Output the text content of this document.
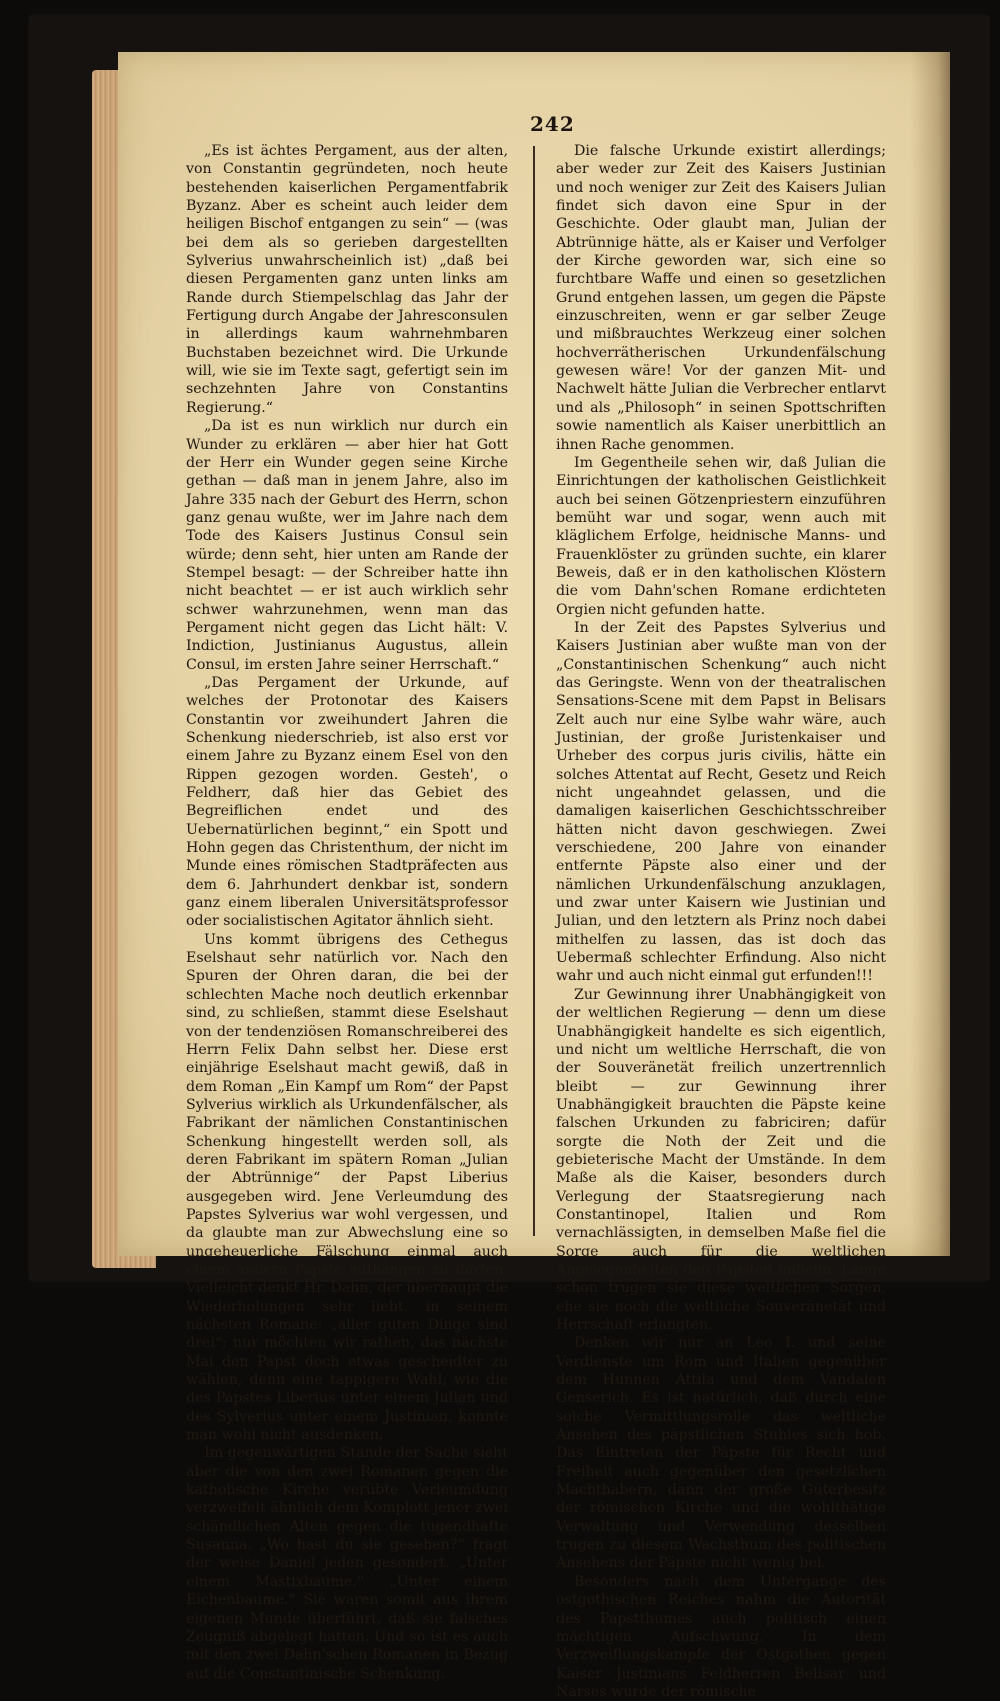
242

„Es ist ächtes Pergament, aus der alten, von Constantin gegründeten, noch heute bestehenden kaiserlichen Pergamentfabrik Byzanz. Aber es scheint auch leider dem heiligen Bischof entgangen zu sein“ — (was bei dem als so gerieben dargestellten Sylverius unwahrscheinlich ist) „daß bei diesen Pergamenten ganz unten links am Rande durch Stiempelschlag das Jahr der Fertigung durch Angabe der Jahresconsulen in allerdings kaum wahrnehmbaren Buchstaben bezeichnet wird. Die Urkunde will, wie sie im Texte sagt, gefertigt sein im sechzehnten Jahre von Constantins Regierung.“

„Da ist es nun wirklich nur durch ein Wunder zu erklären — aber hier hat Gott der Herr ein Wunder gegen seine Kirche gethan — daß man in jenem Jahre, also im Jahre 335 nach der Geburt des Herrn, schon ganz genau wußte, wer im Jahre nach dem Tode des Kaisers Justinus Consul sein würde; denn seht, hier unten am Rande der Stempel besagt: — der Schreiber hatte ihn nicht beachtet — er ist auch wirklich sehr schwer wahrzunehmen, wenn man das Pergament nicht gegen das Licht hält: V. Indiction, Justinianus Augustus, allein Consul, im ersten Jahre seiner Herrschaft.“

„Das Pergament der Urkunde, auf welches der Protonotar des Kaisers Constantin vor zweihundert Jahren die Schenkung niederschrieb, ist also erst vor einem Jahre zu Byzanz einem Esel von den Rippen gezogen worden. Gesteh', o Feldherr, daß hier das Gebiet des Begreiflichen endet und des Uebernatürlichen beginnt,“ ein Spott und Hohn gegen das Christenthum, der nicht im Munde eines römischen Stadtpräfecten aus dem 6. Jahrhundert denkbar ist, sondern ganz einem liberalen Universitätsprofessor oder socialistischen Agitator ähnlich sieht.

Uns kommt übrigens des Cethegus Eselshaut sehr natürlich vor. Nach den Spuren der Ohren daran, die bei der schlechten Mache noch deutlich erkennbar sind, zu schließen, stammt diese Eselshaut von der tendenziösen Romanschreiberei des Herrn Felix Dahn selbst her. Diese erst einjährige Eselshaut macht gewiß, daß in dem Roman „Ein Kampf um Rom“ der Papst Sylverius wirklich als Urkundenfälscher, als Fabrikant der nämlichen Constantinischen Schenkung hingestellt werden soll, als deren Fabrikant im spätern Roman „Julian der Abtrünnige“ der Papst Liberius ausgegeben wird. Jene Verleumdung des Papstes Sylverius war wohl vergessen, und da glaubte man zur Abwechslung eine so ungeheuerliche Fälschung einmal auch einem andern Papste aufhängen zu dürfen. Vielleicht denkt Hr. Dahn, der überhaupt die Wiederholungen sehr liebt, in seinem nächsten Romane: „aller guten Dinge sind drei“; nur möchten wir rathen, das nächste Mal den Papst doch etwas gescheidter zu wählen, denn eine tappigere Wahl, wie die des Papstes Liberius unter einem Julian und des Sylverius unter einem Justinian, konnte man wohl nicht ausdenken.

Im gegenwärtigen Stande der Sache sieht aber die von den zwei Romanen gegen die katholische Kirche verübte Verleumdung verzweifelt ähnlich dem Komplott jener zwei schändlichen Alten gegen die tugendhafte Susanna. „Wo hast du sie gesehen?“ fragt der weise Daniel jeden gesondert. „Unter einem Mastixbaume.“ „Unter einem Eichenbaume.“ Sie waren somit aus ihrem eigenen Munde überführt, daß sie falsches Zeugniß abgelegt hatten. Und so ist es auch mit den zwei Dahn'schen Romanen in Bezug auf die Constantinische Schenkung.

Die falsche Urkunde existirt allerdings; aber weder zur Zeit des Kaisers Justinian und noch weniger zur Zeit des Kaisers Julian findet sich davon eine Spur in der Geschichte. Oder glaubt man, Julian der Abtrünnige hätte, als er Kaiser und Verfolger der Kirche geworden war, sich eine so furchtbare Waffe und einen so gesetzlichen Grund entgehen lassen, um gegen die Päpste einzuschreiten, wenn er gar selber Zeuge und mißbrauchtes Werkzeug einer solchen hochverrätherischen Urkundenfälschung gewesen wäre! Vor der ganzen Mit- und Nachwelt hätte Julian die Verbrecher entlarvt und als „Philosoph“ in seinen Spottschriften sowie namentlich als Kaiser unerbittlich an ihnen Rache genommen.

Im Gegentheile sehen wir, daß Julian die Einrichtungen der katholischen Geistlichkeit auch bei seinen Götzenpriestern einzuführen bemüht war und sogar, wenn auch mit kläglichem Erfolge, heidnische Manns- und Frauenklöster zu gründen suchte, ein klarer Beweis, daß er in den katholischen Klöstern die vom Dahn'schen Romane erdichteten Orgien nicht gefunden hatte.

In der Zeit des Papstes Sylverius und Kaisers Justinian aber wußte man von der „Constantinischen Schenkung“ auch nicht das Geringste. Wenn von der theatralischen Sensations-Scene mit dem Papst in Belisars Zelt auch nur eine Sylbe wahr wäre, auch Justinian, der große Juristenkaiser und Urheber des corpus juris civilis, hätte ein solches Attentat auf Recht, Gesetz und Reich nicht ungeahndet gelassen, und die damaligen kaiserlichen Geschichtsschreiber hätten nicht davon geschwiegen. Zwei verschiedene, 200 Jahre von einander entfernte Päpste also einer und der nämlichen Urkundenfälschung anzuklagen, und zwar unter Kaisern wie Justinian und Julian, und den letztern als Prinz noch dabei mithelfen zu lassen, das ist doch das Uebermaß schlechter Erfindung. Also nicht wahr und auch nicht einmal gut erfunden!!!

Zur Gewinnung ihrer Unabhängigkeit von der weltlichen Regierung — denn um diese Unabhängigkeit handelte es sich eigentlich, und nicht um weltliche Herrschaft, die von der Souveränetät freilich unzertrennlich bleibt — zur Gewinnung ihrer Unabhängigkeit brauchten die Päpste keine falschen Urkunden zu fabriciren; dafür sorgte die Noth der Zeit und die gebieterische Macht der Umstände. In dem Maße als die Kaiser, besonders durch Verlegung der Staatsregierung nach Constantinopel, Italien und Rom vernachlässigten, in demselben Maße fiel die Sorge auch für die weltlichen Angelegenheiten den Päpsten anheim. Lange schon trugen sie diese weltlichen Sorgen, ehe sie noch die weltliche Souveränetät und Herrschaft erlangten.

Denken wir nur an Leo I. und seine Verdienste um Rom und Italien gegenüber dem Hunnen Attila und dem Vandalen Genserich. Es ist natürlich, daß durch eine solche Vermittlungsrolle das weltliche Ansehen des päpstlichen Stuhles sich hob. Das Eintreten der Päpste für Recht und Freiheit auch gegenüber den gesetzlichen Machthabern, dann der große Güterbesitz der römischen Kirche und die wohlthätige Verwaltung und Verwendung desselben trugen zu diesem Wachsthum des politischen Ansehens der Päpste nicht wenig bei.

Besonders nach dem Untergange des ostgothischen Reiches nahm die Autorität des Papstthumes auch politisch einen mächtigen Aufschwung. In dem Verzweiflungskampfe der Ostgothen gegen Kaiser Justinians Feldherren Belisar und Narses wurde der römische
